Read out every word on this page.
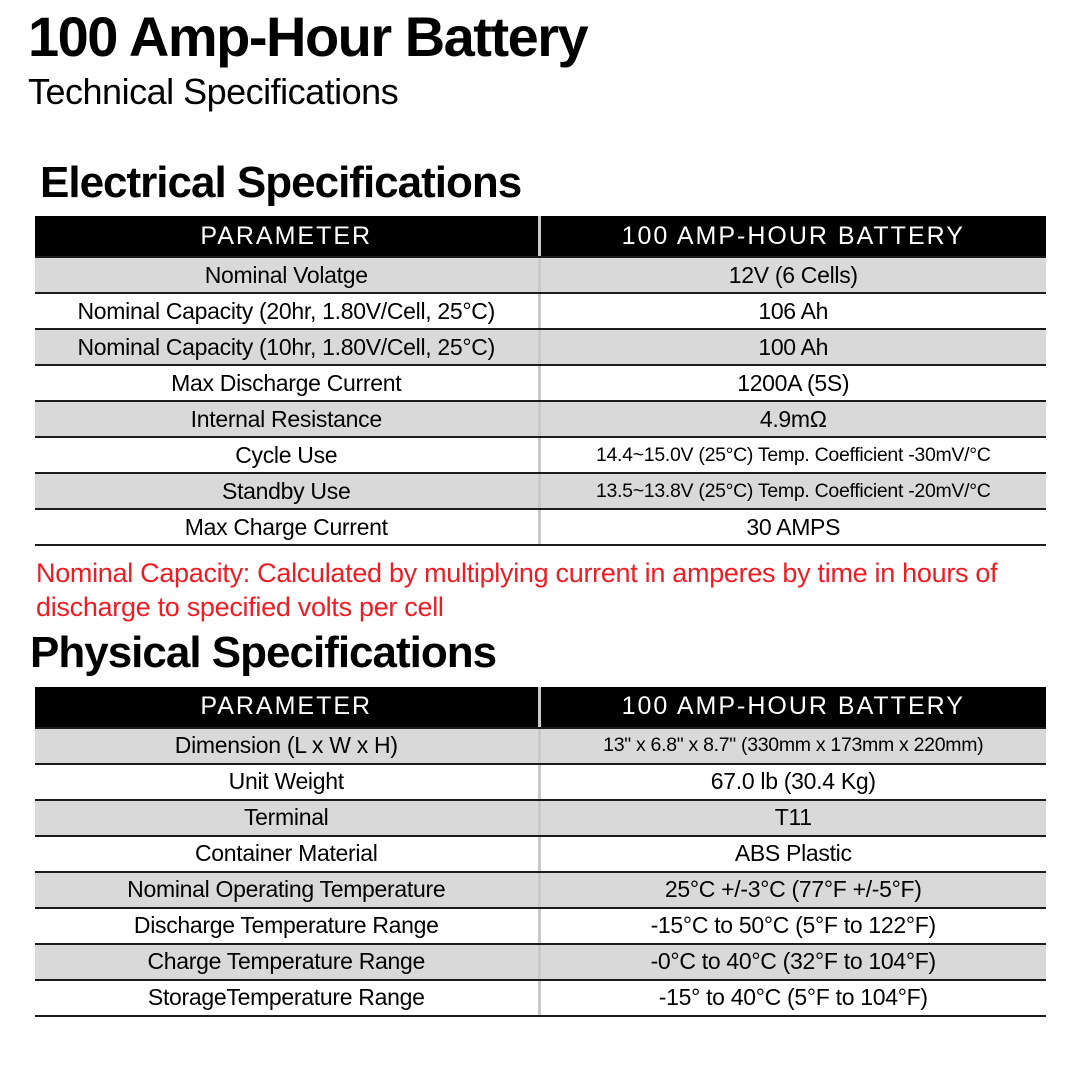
100 Amp-Hour Battery
Technical Specifications
Electrical Specifications
PARAMETER	100 AMP-HOUR BATTERY
Nominal Volatge	12V (6 Cells)
Nominal Capacity (20hr, 1.80V/Cell, 25°C)	106 Ah
Nominal Capacity (10hr, 1.80V/Cell, 25°C)	100 Ah
Max Discharge Current	1200A (5S)
Internal Resistance	4.9mΩ
Cycle Use	14.4~15.0V (25°C) Temp. Coefficient -30mV/°C
Standby Use	13.5~13.8V (25°C) Temp. Coefficient -20mV/°C
Max Charge Current	30 AMPS
Nominal Capacity: Calculated by multiplying current in amperes by time in hours of discharge to specified volts per cell
Physical Specifications
PARAMETER	100 AMP-HOUR BATTERY
Dimension (L x W x H)	13" x 6.8" x 8.7" (330mm x 173mm x 220mm)
Unit Weight	67.0 lb (30.4 Kg)
Terminal	T11
Container Material	ABS Plastic
Nominal Operating Temperature	25°C +/-3°C (77°F +/-5°F)
Discharge Temperature Range	-15°C to 50°C (5°F to 122°F)
Charge Temperature Range	-0°C to 40°C (32°F to 104°F)
StorageTemperature Range	-15° to 40°C (5°F to 104°F)
